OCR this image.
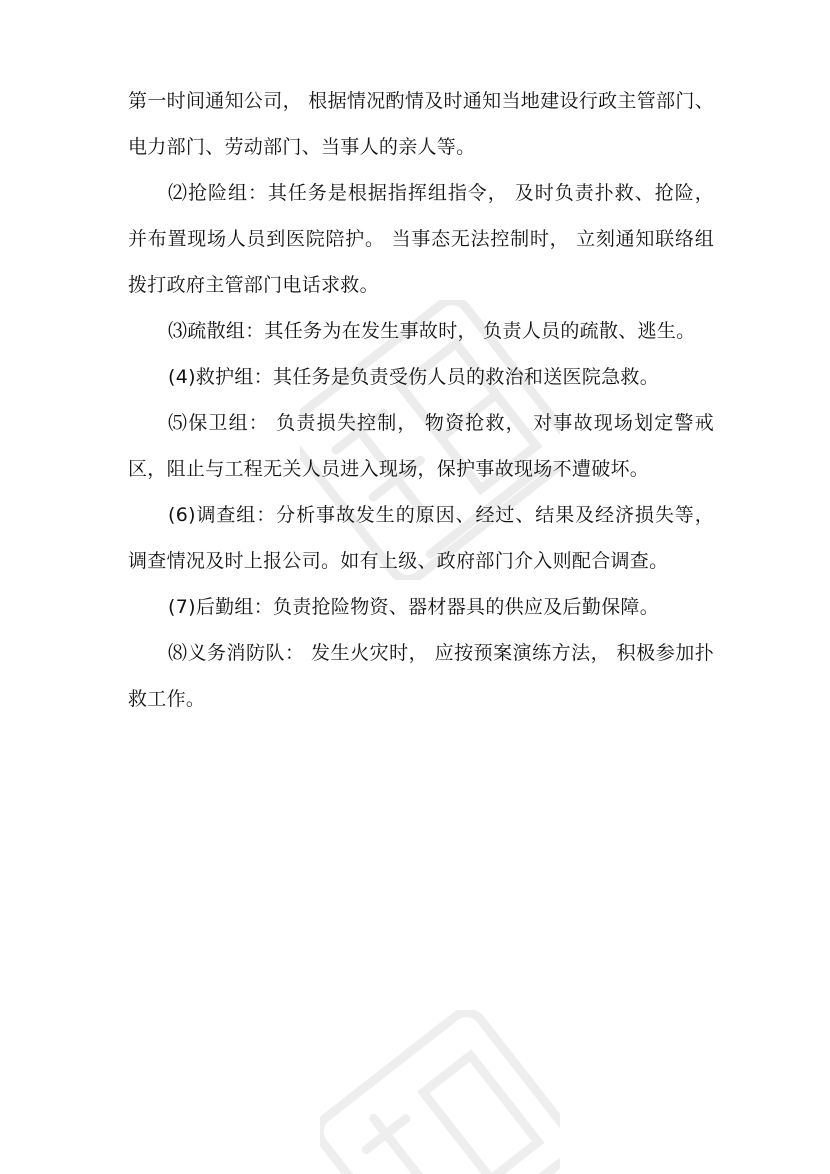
第一时间通知公司， 根据情况酌情及时通知当地建设行政主管部门、电力部门、劳动部门、当事人的亲人等。

⑵抢险组：其任务是根据指挥组指令， 及时负责扑救、抢险，并布置现场人员到医院陪护。 当事态无法控制时， 立刻通知联络组拨打政府主管部门电话求救。

⑶疏散组：其任务为在发生事故时， 负责人员的疏散、逃生。

(4)救护组：其任务是负责受伤人员的救治和送医院急救。

⑸保卫组： 负责损失控制， 物资抢救， 对事故现场划定警戒区，阻止与工程无关人员进入现场，保护事故现场不遭破坏。

(6)调查组：分析事故发生的原因、经过、结果及经济损失等，调查情况及时上报公司。如有上级、政府部门介入则配合调查。

(7)后勤组：负责抢险物资、器材器具的供应及后勤保障。

⑻义务消防队： 发生火灾时， 应按预案演练方法， 积极参加扑救工作。
